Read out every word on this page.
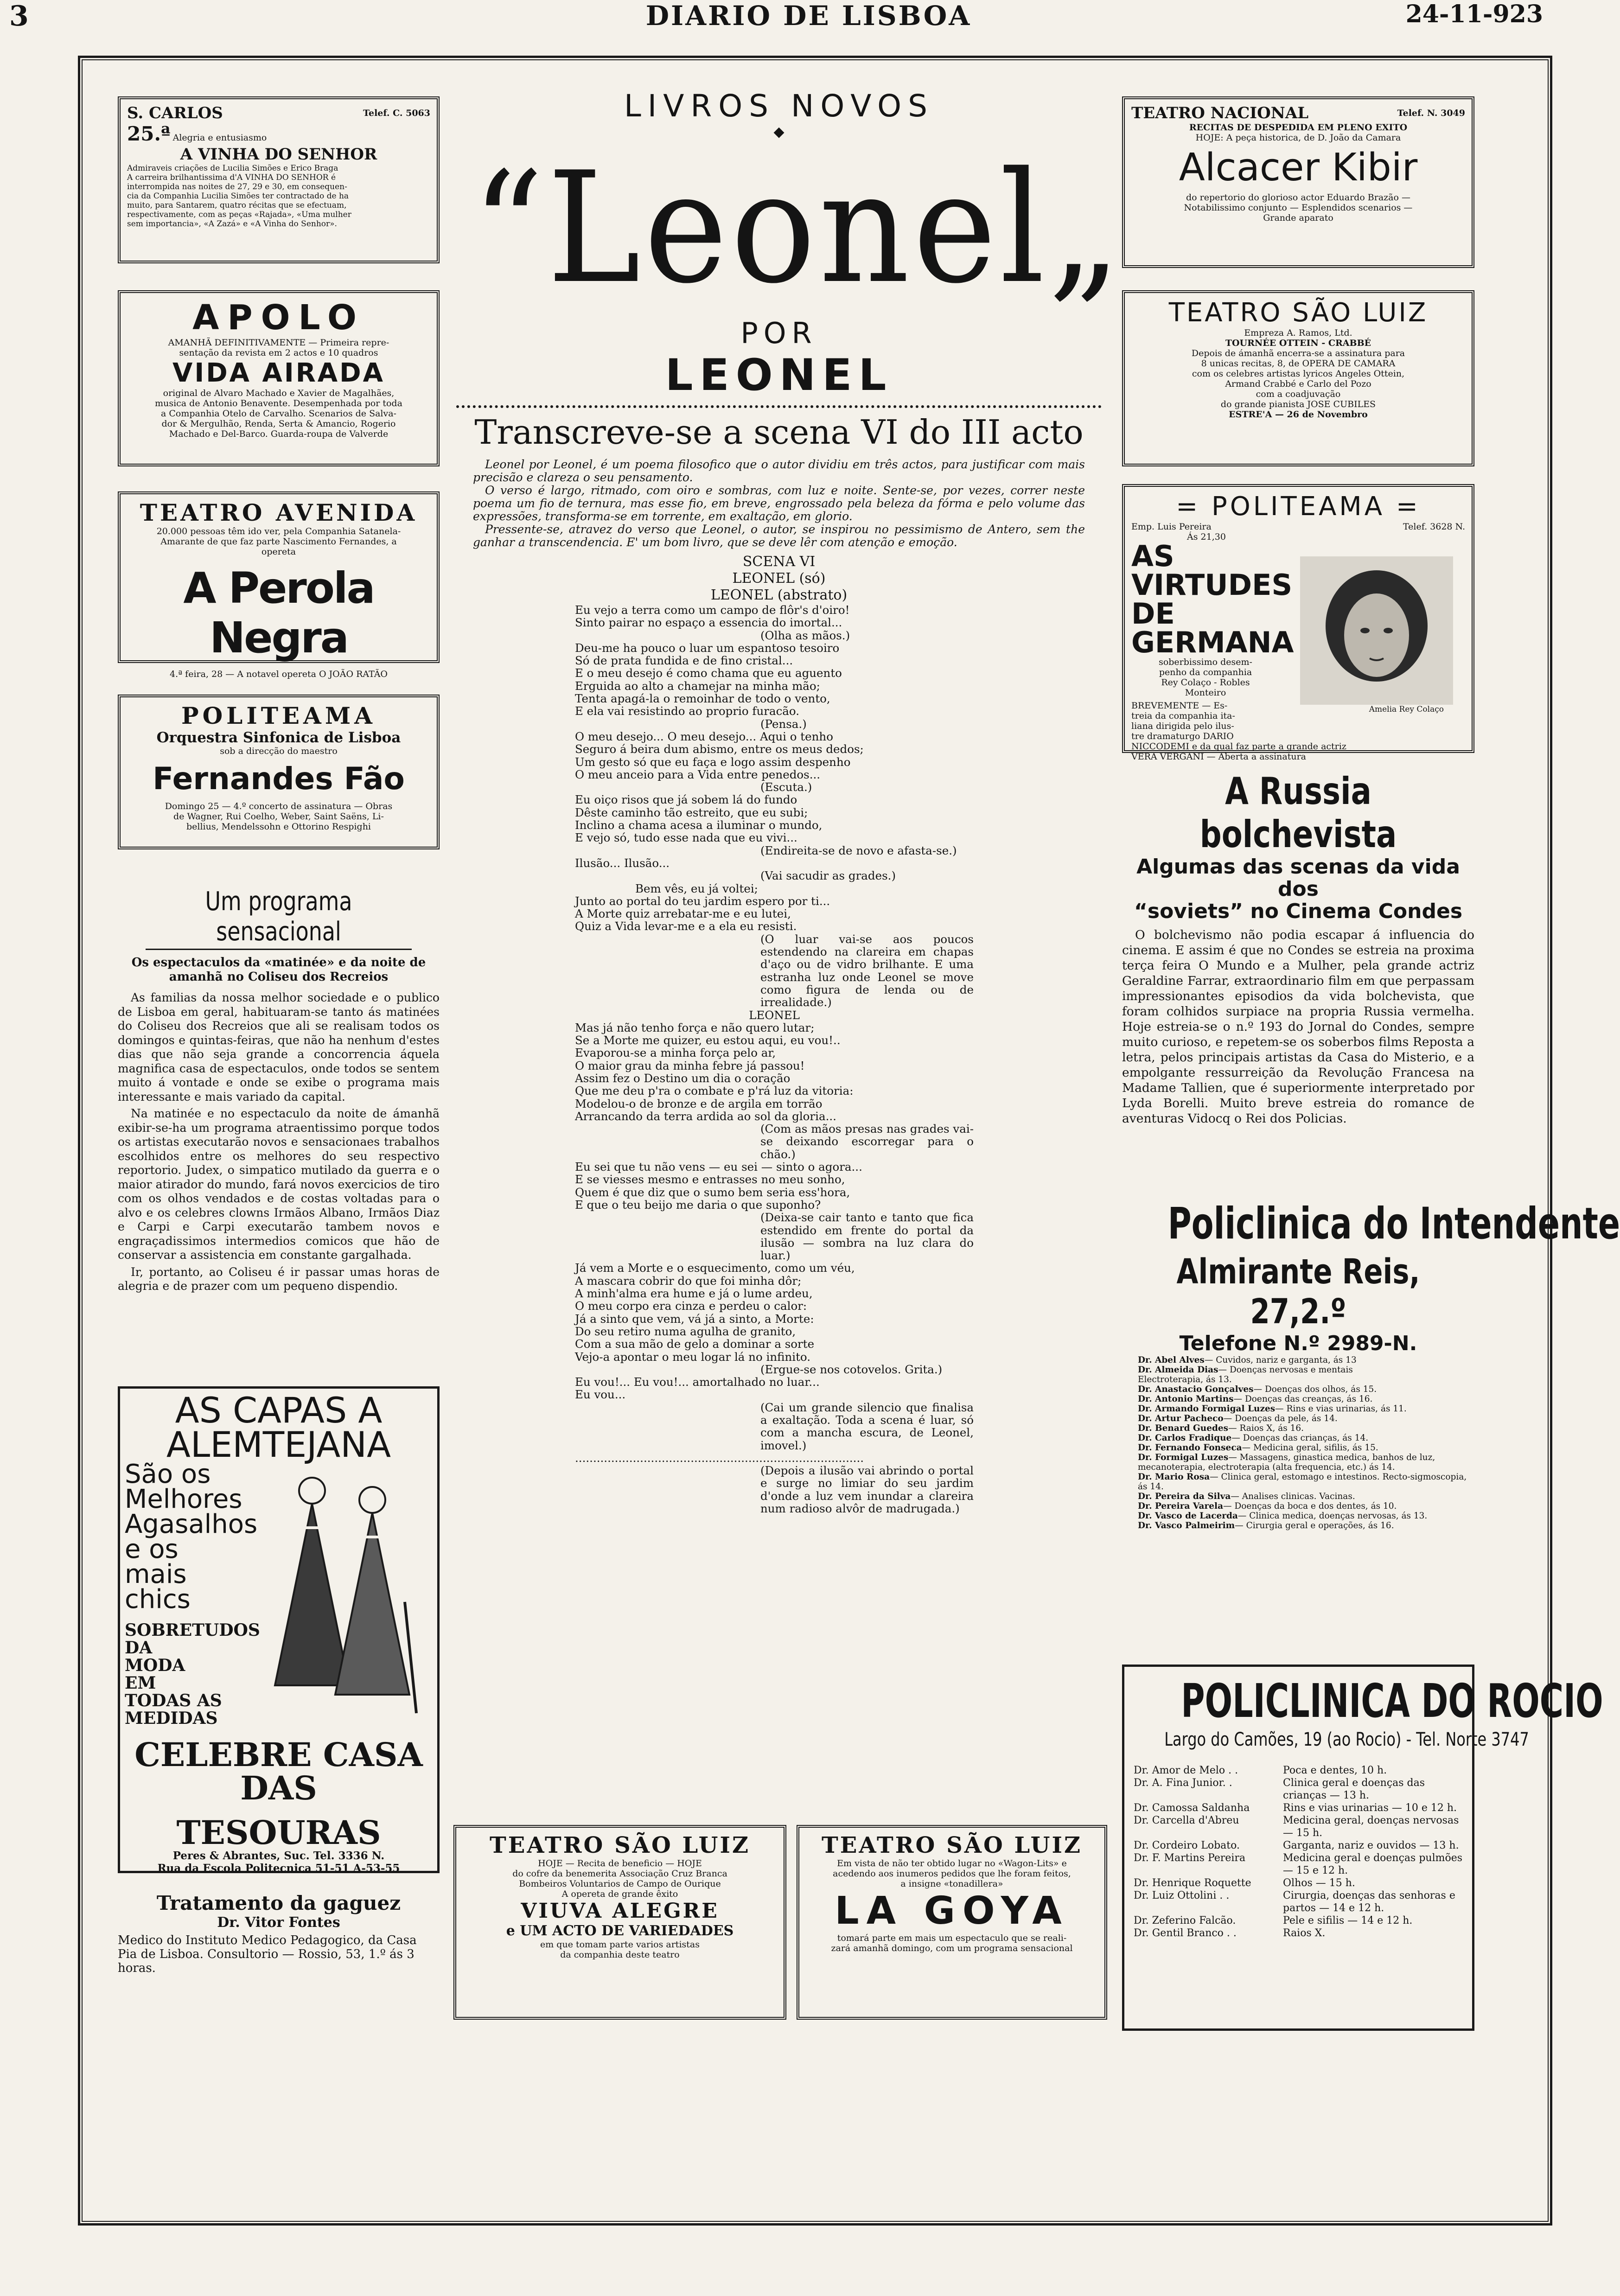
3	DIARIO DE LISBOA	24-11-923
S. CARLOS	Telef. C. 5063
25.ª Alegria e entusiasmo
A VINHA DO SENHOR
Admiraveis criações de Lucilia Simões e Erico Braga
A carreira brilhantissima d'A VINHA DO SENHOR é
interrompida nas noites de 27, 29 e 30, em consequen-
cia da Companhia Lucilia Simões ter contractado de ha
muito, para Santarem, quatro récitas que se efectuam,
respectivamente, com as peças «Rajada», «Uma mulher
sem importancia», «A Zazá» e «A Vinha do Senhor».
APOLO
AMANHÃ DEFINITIVAMENTE — Primeira repre-
sentação da revista em 2 actos e 10 quadros
VIDA AIRADA
original de Alvaro Machado e Xavier de Magalhães,
musica de Antonio Benavente. Desempenhada por toda
a Companhia Otelo de Carvalho. Scenarios de Salva-
dor & Mergulhão, Renda, Serta & Amancio, Rogerio
Machado e Del-Barco. Guarda-roupa de Valverde
TEATRO AVENIDA
20.000 pessoas têm ido ver, pela Companhia Satanela-
Amarante de que faz parte Nascimento Fernandes, a
opereta
A Perola Negra
4.ª feira, 28 — A notavel opereta O JOÃO RATÃO
POLITEAMA
Orquestra Sinfonica de Lisboa
sob a direcção do maestro
Fernandes Fão
Domingo 25 — 4.º concerto de assinatura — Obras
de Wagner, Rui Coelho, Weber, Saint Saëns, Li-
bellius, Mendelssohn e Ottorino Respighi
Um programa sensacional
Os espectaculos da «matinée» e da noite de amanhã no Coliseu dos Recreios

As familias da nossa melhor sociedade e o publico de Lisboa em geral, habituaram-se tanto ás matinées do Coliseu dos Recreios que ali se realisam todos os domingos e quintas-feiras, que não ha nenhum d'estes dias que não seja grande a concorrencia áquela magnifica casa de espectaculos, onde todos se sentem muito á vontade e onde se exibe o programa mais interessante e mais variado da capital.

Na matinée e no espectaculo da noite de ámanhã exibir-se-ha um programa atraentissimo porque todos os artistas executarão novos e sensacionaes trabalhos escolhidos entre os melhores do seu respectivo reportorio. Judex, o simpatico mutilado da guerra e o maior atirador do mundo, fará novos exercicios de tiro com os olhos vendados e de costas voltadas para o alvo e os celebres clowns Irmãos Albano, Irmãos Diaz e Carpi e Carpi executarão tambem novos e engraçadissimos intermedios comicos que hão de conservar a assistencia em constante gargalhada.

Ir, portanto, ao Coliseu é ir passar umas horas de alegria e de prazer com um pequeno dispendio.

AS CAPAS A
ALEMTEJANA
São os
Melhores
Agasalhos
e os
mais
chics
SOBRETUDOS
DA
MODA
EM
TODAS AS
MEDIDAS
CELEBRE CASA DAS
TESOURAS
Peres & Abrantes, Suc. Tel. 3336 N.
Rua da Escola Politecnica 51-51 A-53-55
Tratamento da gaguez
Dr. Vitor Fontes

Medico do Instituto Medico Pedagogico, da Casa Pia de Lisboa. Consultorio — Rossio, 53, 1.º ás 3 horas.

LIVROS NOVOS
◆
“Leonel„
POR
LEONEL
Transcreve-se a scena VI do III acto
Leonel por Leonel, é um poema filosofico que o autor dividiu em três actos, para justificar com mais precisão e clareza o seu pensamento.
O verso é largo, ritmado, com oiro e sombras, com luz e noite. Sente-se, por vezes, correr neste poema um fio de ternura, mas esse fio, em breve, engrossado pela beleza da fórma e pelo volume das expressões, transforma-se em torrente, em exaltação, em glorio.
Pressente-se, atravez do verso que Leonel, o autor, se inspirou no pessimismo de Antero, sem the ganhar a transcendencia. E' um bom livro, que se deve lêr com atenção e emoção.
SCENA VI
LEONEL (só)
LEONEL (abstrato)
Eu vejo a terra como um campo de flôr's d'oiro!
Sinto pairar no espaço a essencia do imortal...
(Olha as mãos.)
Deu-me ha pouco o luar um espantoso tesoiro
Só de prata fundida e de fino cristal...
E o meu desejo é como chama que eu aguento
Erguida ao alto a chamejar na minha mão;
Tenta apagá-la o remoinhar de todo o vento,
E ela vai resistindo ao proprio furacão.
(Pensa.)
O meu desejo... O meu desejo... Aqui o tenho
Seguro á beira dum abismo, entre os meus dedos;
Um gesto só que eu faça e logo assim despenho
O meu anceio para a Vida entre penedos...
(Escuta.)
Eu oiço risos que já sobem lá do fundo
Dêste caminho tão estreito, que eu subi;
Inclino a chama acesa a iluminar o mundo,
E vejo só, tudo esse nada que eu vivi...
(Endireita-se de novo e afasta-se.)
Ilusão... Ilusão...
(Vai sacudir as grades.)
Bem vês, eu já voltei;
Junto ao portal do teu jardim espero por ti...
A Morte quiz arrebatar-me e eu lutei,
Quiz a Vida levar-me e a ela eu resisti.
(O luar vai-se aos poucos estendendo na clareira em chapas d'aço ou de vidro brilhante. E uma estranha luz onde Leonel se move como figura de lenda ou de irrealidade.)
LEONEL
Mas já não tenho força e não quero lutar;
Se a Morte me quizer, eu estou aqui, eu vou!..
Evaporou-se a minha força pelo ar,
O maior grau da minha febre já passou!
Assim fez o Destino um dia o coração
Que me deu p'ra o combate e p'rá luz da vitoria:
Modelou-o de bronze e de argila em torrão
Arrancando da terra ardida ao sol da gloria...
(Com as mãos presas nas grades vai-se deixando escorregar para o chão.)
Eu sei que tu não vens — eu sei — sinto o agora...
E se viesses mesmo e entrasses no meu sonho,
Quem é que diz que o sumo bem seria ess'hora,
E que o teu beijo me daria o que suponho?
(Deixa-se cair tanto e tanto que fica estendido em frente do portal da ilusão — sombra na luz clara do luar.)
Já vem a Morte e o esquecimento, como um véu,
A mascara cobrir do que foi minha dôr;
A minh'alma era hume e já o lume ardeu,
O meu corpo era cinza e perdeu o calor:
Já a sinto que vem, vá já a sinto, a Morte:
Do seu retiro numa agulha de granito,
Com a sua mão de gelo a dominar a sorte
Vejo-a apontar o meu logar lá no infinito.
(Ergue-se nos cotovelos. Grita.)
Eu vou!... Eu vou!... amortalhado no luar...
Eu vou...
(Cai um grande silencio que finalisa a exaltação. Toda a scena é luar, só com a mancha escura, de Leonel, imovel.)
................................................................................
(Depois a ilusão vai abrindo o portal e surge no limiar do seu jardim d'onde a luz vem inundar a clareira num radioso alvôr de madrugada.)
TEATRO SÃO LUIZ
HOJE — Recita de beneficio — HOJE
do cofre da benemerita Associação Cruz Branca
Bombeiros Voluntarios de Campo de Ourique
A opereta de grande êxito
VIUVA ALEGRE
e UM ACTO DE VARIEDADES
em que tomam parte varios artistas
da companhia deste teatro
TEATRO SÃO LUIZ
Em vista de não ter obtido lugar no «Wagon-Lits» e
acedendo aos inumeros pedidos que lhe foram feitos,
a insigne «tonadillera»
LA GOYA
tomará parte em mais um espectaculo que se reali-
zará amanhã domingo, com um programa sensacional
TEATRO NACIONAL	Telef. N. 3049
RECITAS DE DESPEDIDA EM PLENO EXITO
HOJE: A peça historica, de D. João da Camara
Alcacer Kibir
do repertorio do glorioso actor Eduardo Brazão —
Notabilissimo conjunto — Esplendidos scenarios —
Grande aparato
TEATRO SÃO LUIZ
Empreza A. Ramos, Ltd.
TOURNÉE OTTEIN - CRABBÉ
Depois de ámanhã encerra-se a assinatura para
8 unicas recitas, 8, de OPERA DE CAMARA
com os celebres artistas lyricos Angeles Ottein,
Armand Crabbé e Carlo del Pozo
com a coadjuvação
do grande pianista JOSE CUBILES
ESTRE'A — 26 de Novembro
= POLITEAMA =
Emp. Luis Pereira	Telef. 3628 N.
Ás 21,30
AS VIRTUDES DE GERMANA
soberbissimo desem-
penho da companhia
Rey Colaço - Robles
Monteiro
Amelia Rey Colaço
BREVEMENTE — Es-
treia da companhia ita-
liana dirigida pelo ilus-
tre dramaturgo DARIO
NICCODEMI e da qual faz parte a grande actriz
VERA VERGANI — Aberta a assinatura
A Russia bolchevista
Algumas das scenas da vida dos
“soviets” no Cinema Condes

O bolchevismo não podia escapar á influencia do cinema. E assim é que no Condes se estreia na proxima terça feira O Mundo e a Mulher, pela grande actriz Geraldine Farrar, extraordinario film em que perpassam impressionantes episodios da vida bolchevista, que foram colhidos surpiace na propria Russia vermelha. Hoje estreia-se o n.º 193 do Jornal do Condes, sempre muito curioso, e repetem-se os soberbos films Reposta a letra, pelos principais artistas da Casa do Misterio, e a empolgante ressurreição da Revolução Francesa na Madame Tallien, que é superiormente interpretado por Lyda Borelli. Muito breve estreia do romance de aventuras Vidocq o Rei dos Policias.

Policlinica do Intendente
Almirante Reis, 27,2.º
Telefone N.º 2989-N.
Dr. Abel Alves— Cuvidos, nariz e garganta, ás 13
Dr. Almeida Dias— Doenças nervosas e mentais
Electroterapia, ás 13.
Dr. Anastacio Gonçalves— Doenças dos olhos, ás 15.
Dr. Antonio Martins— Doenças das creanças, ás 16.
Dr. Armando Formigal Luzes— Rins e vias urinarias, ás 11.
Dr. Artur Pacheco— Doenças da pele, ás 14.
Dr. Benard Guedes— Raios X, ás 16.
Dr. Carlos Fradique— Doenças das crianças, ás 14.
Dr. Fernando Fonseca— Medicina geral, sifilis, ás 15.
Dr. Formigal Luzes— Massagens, ginastica medica, banhos de luz, mecanoterapia, electroterapia (alta frequencia, etc.) ás 14.
Dr. Mario Rosa— Clinica geral, estomago e intestinos. Recto-sigmoscopia, ás 14.
Dr. Pereira da Silva— Analises clinicas. Vacinas.
Dr. Pereira Varela— Doenças da boca e dos dentes, ás 10.
Dr. Vasco de Lacerda— Clinica medica, doenças nervosas, ás 13.
Dr. Vasco Palmeirim— Cirurgia geral e operações, ás 16.
POLICLINICA DO ROCIO
Largo do Camões, 19 (ao Rocio) - Tel. Norte 3747
Dr. Amor de Melo . .	Poca e dentes, 10 h.
Dr. A. Fina Junior. .	Clinica geral e doenças das crianças — 13 h.
Dr. Camossa Saldanha	Rins e vias urinarias — 10 e 12 h.
Dr. Carcella d'Abreu	Medicina geral, doenças nervosas — 15 h.
Dr. Cordeiro Lobato.	Garganta, nariz e ouvidos — 13 h.
Dr. F. Martins Pereira	Medicina geral e doenças pulmões — 15 e 12 h.
Dr. Henrique Roquette	Olhos — 15 h.
Dr. Luiz Ottolini . .	Cirurgia, doenças das senhoras e partos — 14 e 12 h.
Dr. Zeferino Falcão.	Pele e sifilis — 14 e 12 h.
Dr. Gentil Branco . .	Raios X.
